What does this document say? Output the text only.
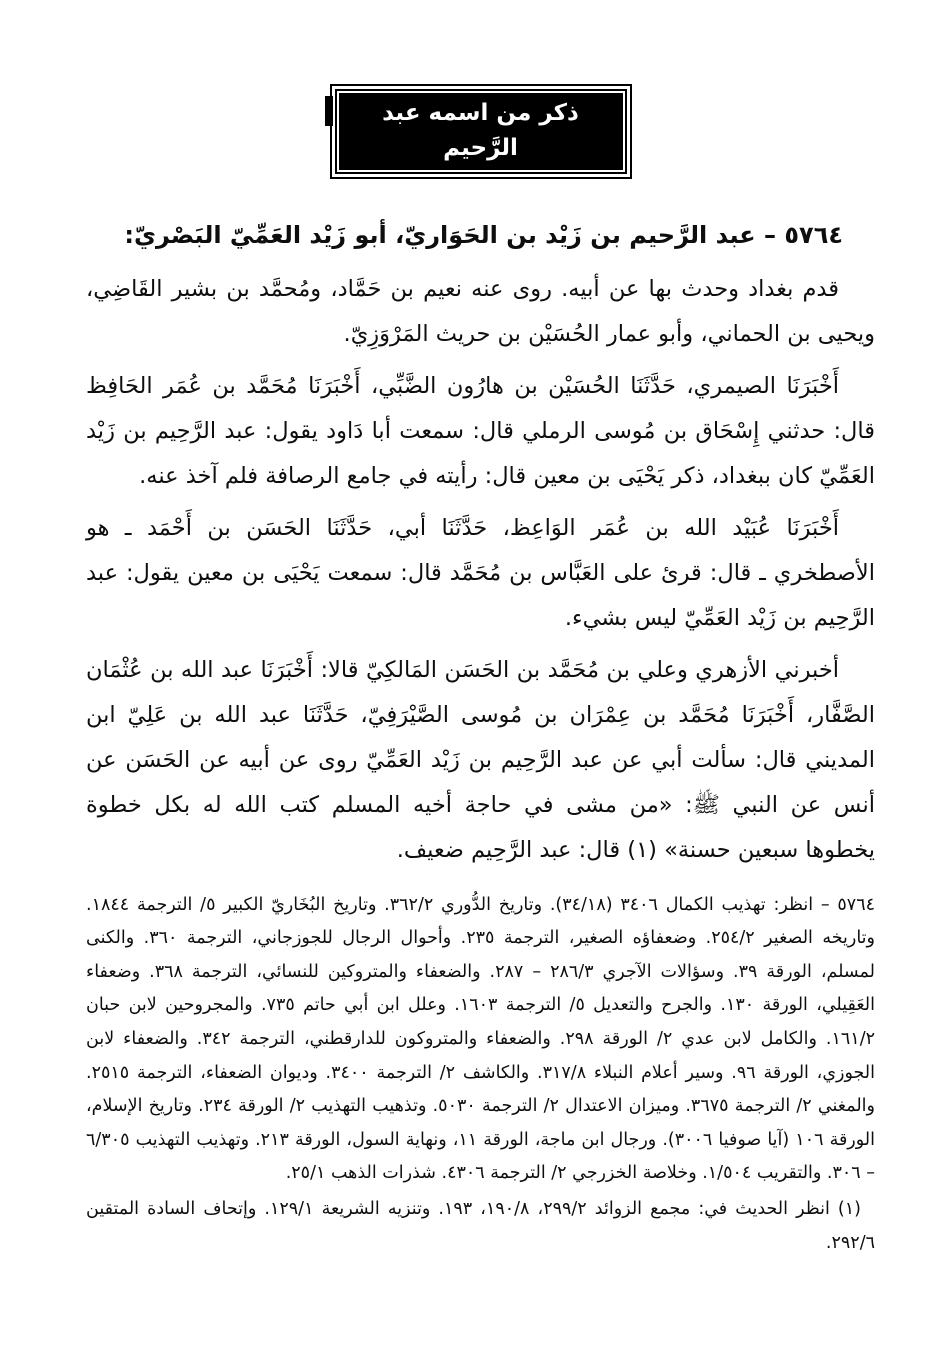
ذكر من اسمه عبد الرَّحيم

٥٧٦٤ – عبد الرَّحيم بن زَيْد بن الحَوَاريّ، أبو زَيْد العَمِّيّ البَصْريّ:

قدم بغداد وحدث بها عن أبيه. روى عنه نعيم بن حَمَّاد، ومُحمَّد بن بشير القَاضِي، ويحيى بن الحماني، وأبو عمار الحُسَيْن بن حريث المَرْوَزِيّ.

أَخْبَرَنَا الصيمري، حَدَّثَنَا الحُسَيْن بن هارُون الضَّبِّي، أَخْبَرَنَا مُحَمَّد بن عُمَر الحَافِظ قال: حدثني إِسْحَاق بن مُوسى الرملي قال: سمعت أبا دَاود يقول: عبد الرَّحِيم بن زَيْد العَمِّيّ كان ببغداد، ذكر يَحْيَى بن معين قال: رأيته في جامع الرصافة فلم آخذ عنه.

أَخْبَرَنَا عُبَيْد الله بن عُمَر الوَاعِظ، حَدَّثَنَا أبي، حَدَّثَنَا الحَسَن بن أَحْمَد ـ هو الأصطخري ـ قال: قرئ على العَبَّاس بن مُحَمَّد قال: سمعت يَحْيَى بن معين يقول: عبد الرَّحِيم بن زَيْد العَمِّيّ ليس بشيء.

أخبرني الأزهري وعلي بن مُحَمَّد بن الحَسَن المَالكِيّ قالا: أَخْبَرَنَا عبد الله بن عُثْمَان الصَّفَّار، أَخْبَرَنَا مُحَمَّد بن عِمْرَان بن مُوسى الصَّيْرَفِيّ، حَدَّثَنَا عبد الله بن عَلِيّ ابن المديني قال: سألت أبي عن عبد الرَّحِيم بن زَيْد العَمِّيّ روى عن أبيه عن الحَسَن عن أنس عن النبي ﷺ: «من مشى في حاجة أخيه المسلم كتب الله له بكل خطوة يخطوها سبعين حسنة» (١) قال: عبد الرَّحِيم ضعيف.

٥٧٦٤ – انظر: تهذيب الكمال ٣٤٠٦ (٣٤/١٨). وتاريخ الدُّوري ٣٦٢/٢. وتاريخ البُخَاريّ الكبير ٥/ الترجمة ١٨٤٤. وتاريخه الصغير ٢٥٤/٢. وضعفاؤه الصغير، الترجمة ٢٣٥. وأحوال الرجال للجوزجاني، الترجمة ٣٦٠. والكنى لمسلم، الورقة ٣٩. وسؤالات الآجري ٢٨٦/٣ – ٢٨٧. والضعفاء والمتروكين للنسائي، الترجمة ٣٦٨. وضعفاء العَقِيلي، الورقة ١٣٠. والجرح والتعديل ٥/ الترجمة ١٦٠٣. وعلل ابن أبي حاتم ٧٣٥. والمجروحين لابن حبان ١٦١/٢. والكامل لابن عدي ٢/ الورقة ٢٩٨. والضعفاء والمتروكون للدارقطني، الترجمة ٣٤٢. والضعفاء لابن الجوزي، الورقة ٩٦. وسير أعلام النبلاء ٣١٧/٨. والكاشف ٢/ الترجمة ٣٤٠٠. وديوان الضعفاء، الترجمة ٢٥١٥. والمغني ٢/ الترجمة ٣٦٧٥. وميزان الاعتدال ٢/ الترجمة ٥٠٣٠. وتذهيب التهذيب ٢/ الورقة ٢٣٤. وتاريخ الإسلام، الورقة ١٠٦ (آيا صوفيا ٣٠٠٦). ورجال ابن ماجة، الورقة ١١، ونهاية السول، الورقة ٢١٣. وتهذيب التهذيب ٦/٣٠٥ – ٣٠٦. والتقريب ١/٥٠٤. وخلاصة الخزرجي ٢/ الترجمة ٤٣٠٦. شذرات الذهب ٢٥/١.

(١) انظر الحديث في: مجمع الزوائد ٢٩٩/٢، ١٩٠/٨، ١٩٣. وتنزيه الشريعة ١٢٩/١. وإتحاف السادة المتقين ٢٩٢/٦.
